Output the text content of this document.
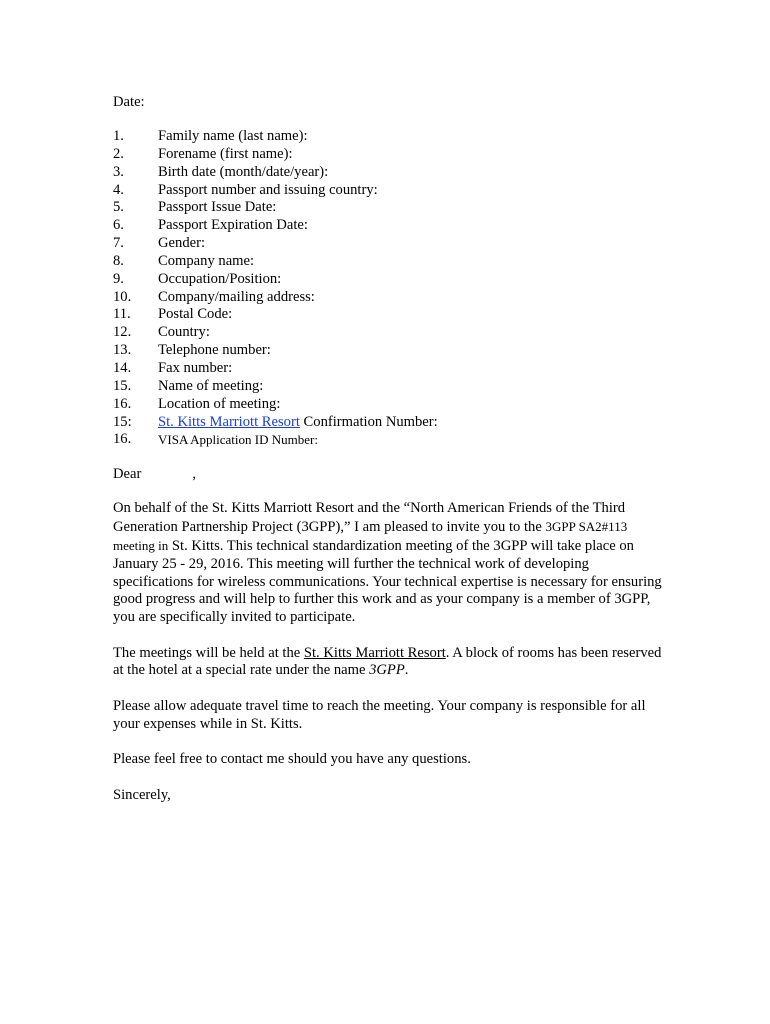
Date:
1.	Family name (last name):
2.	Forename (first name):
3.	Birth date (month/date/year):
4.	Passport number and issuing country:
5.	Passport Issue Date:
6.	Passport Expiration Date:
7.	Gender:
8.	Company name:
9.	Occupation/Position:
10.	Company/mailing address:
11.	Postal Code:
12.	Country:
13.	Telephone number:
14.	Fax number:
15.	Name of meeting:
16.	Location of meeting:
15:	St. Kitts Marriott Resort Confirmation Number:
16.	VISA Application ID Number:
Dear              ,

On behalf of the St. Kitts Marriott Resort and the “North American Friends of the Third Generation Partnership Project (3GPP),” I am pleased to invite you to the 3GPP SA2#113 meeting in St. Kitts. This technical standardization meeting of the 3GPP will take place on January 25 - 29, 2016. This meeting will further the technical work of developing specifications for wireless communications. Your technical expertise is necessary for ensuring good progress and will help to further this work and as your company is a member of 3GPP, you are specifically invited to participate.

The meetings will be held at the St. Kitts Marriott Resort. A block of rooms has been reserved at the hotel at a special rate under the name 3GPP.

Please allow adequate travel time to reach the meeting. Your company is responsible for all your expenses while in St. Kitts.

Please feel free to contact me should you have any questions.

Sincerely,
